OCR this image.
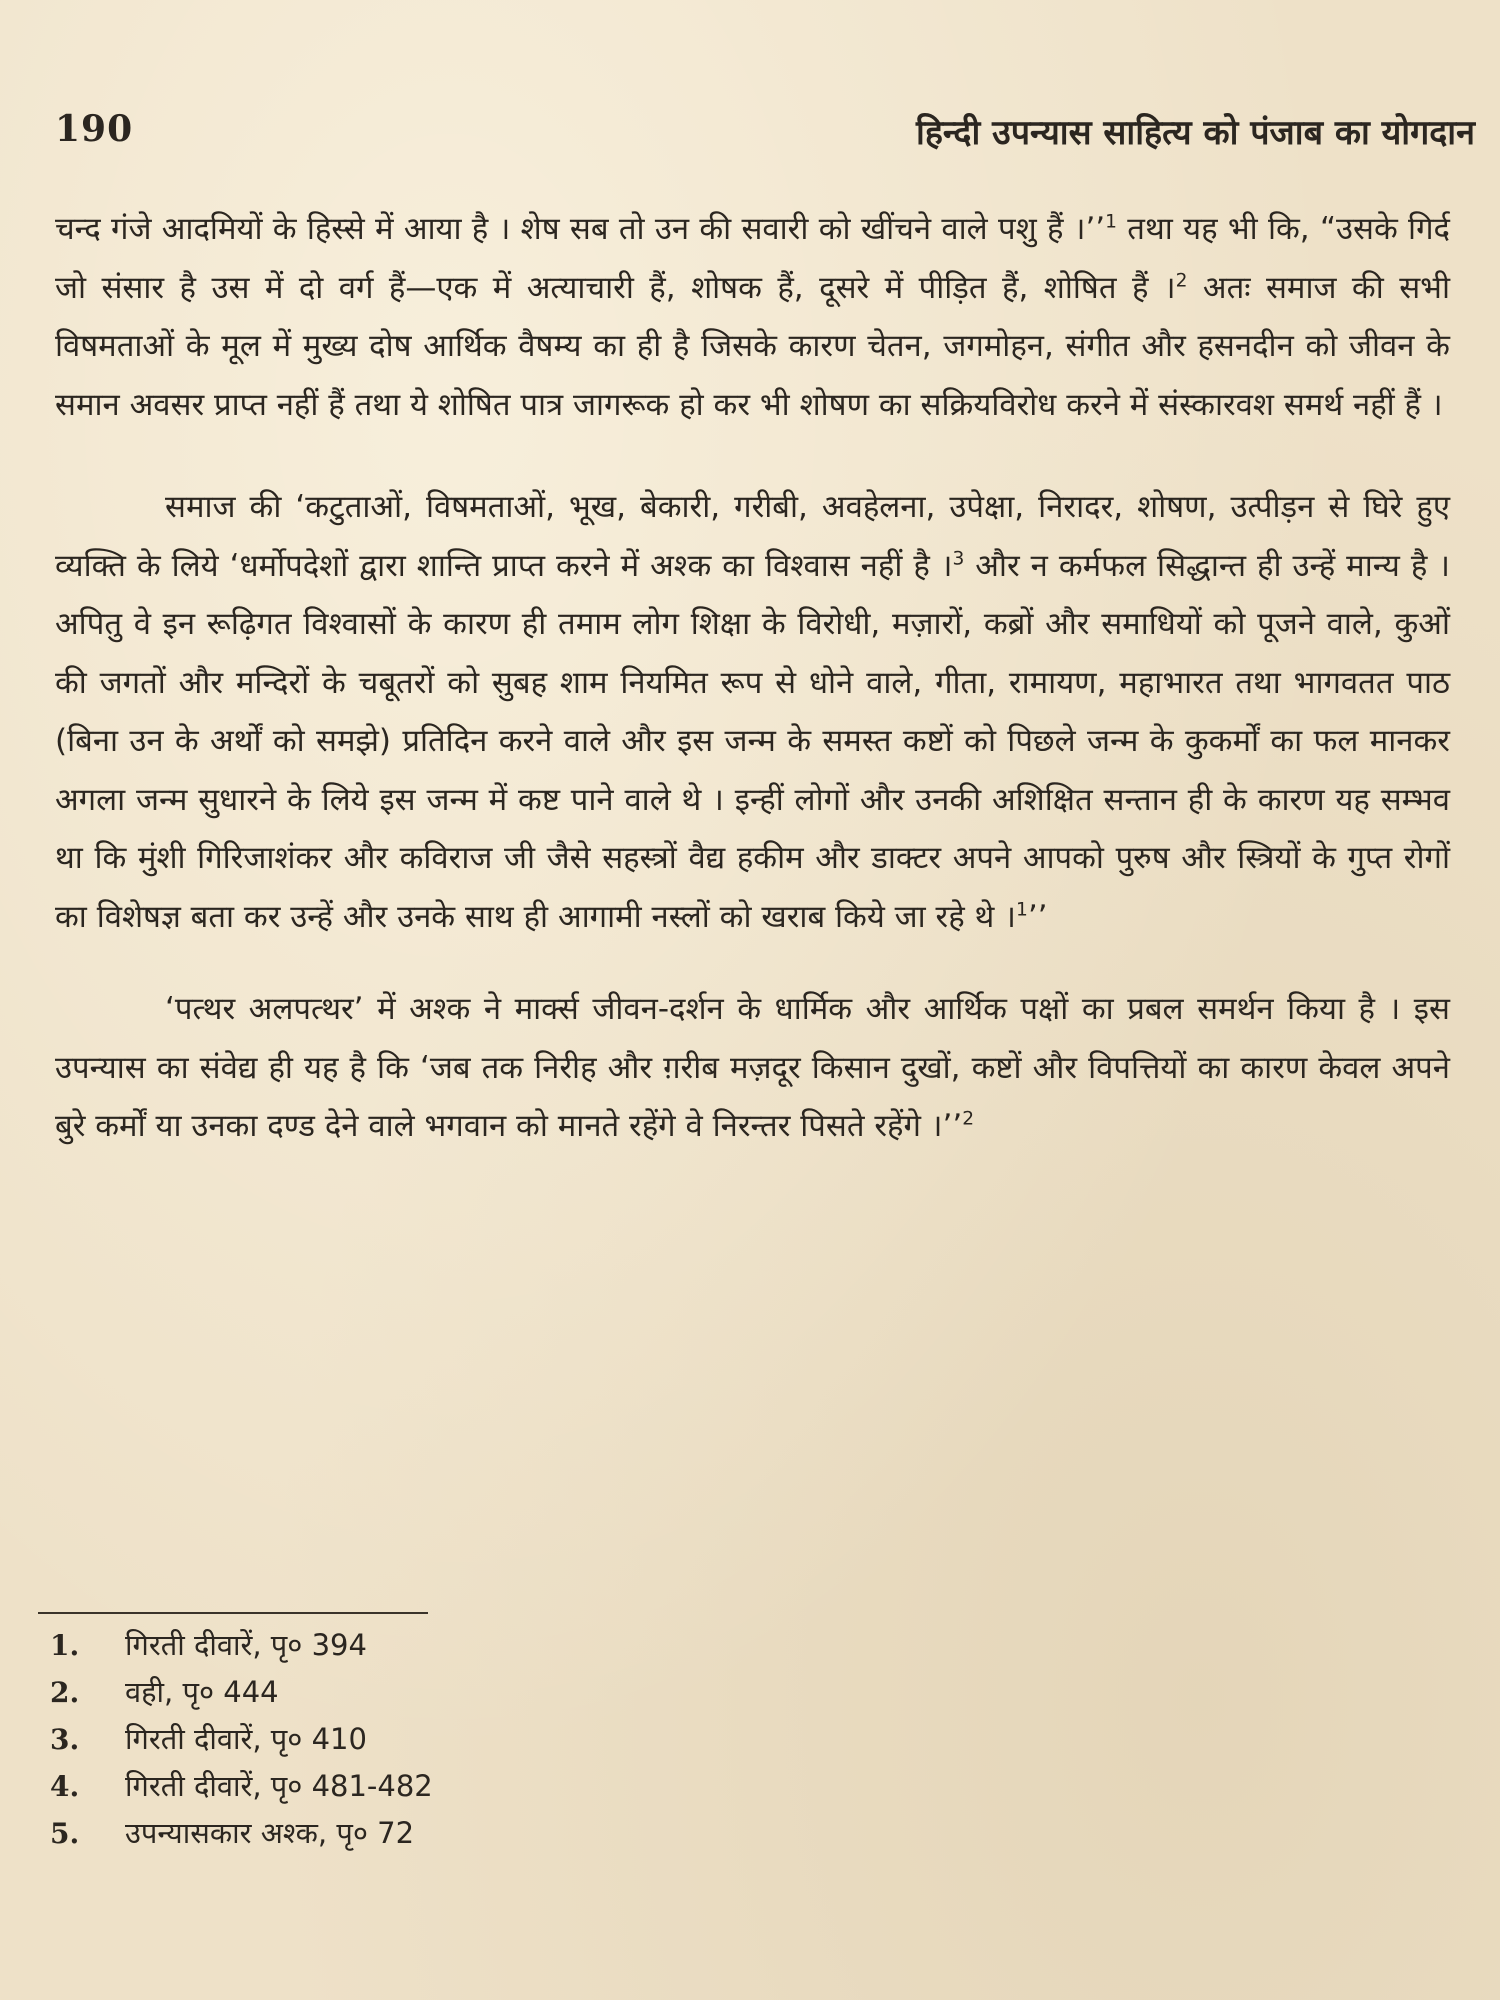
190	हिन्दी उपन्यास साहित्य को पंजाब का योगदान

चन्द गंजे आदमियों के हिस्से में आया है । शेष सब तो उन की सवारी को खींचने वाले पशु हैं ।’’$^1$ तथा यह भी कि, “उसके गिर्द जो संसार है उस में दो वर्ग हैं—एक में अत्याचारी हैं, शोषक हैं, दूसरे में पीड़ित हैं, शोषित हैं ।$^2$ अतः समाज की सभी विषमताओं के मूल में मुख्य दोष आर्थिक वैषम्य का ही है जिसके कारण चेतन, जगमोहन, संगीत और हसनदीन को जीवन के समान अवसर प्राप्त नहीं हैं तथा ये शोषित पात्र जागरूक हो कर भी शोषण का सक्रियविरोध करने में संस्कारवश समर्थ नहीं हैं ।

समाज की ‘कटुताओं, विषमताओं, भूख, बेकारी, गरीबी, अवहेलना, उपेक्षा, निरादर, शोषण, उत्पीड़न से घिरे हुए व्यक्ति के लिये ‘धर्मोपदेशों द्वारा शान्ति प्राप्त करने में अश्क का विश्वास नहीं है ।$^3$ और न कर्मफल सिद्धान्त ही उन्हें मान्य है । अपितु वे इन रूढ़िगत विश्वासों के कारण ही तमाम लोग शिक्षा के विरोधी, मज़ारों, कब्रों और समाधियों को पूजने वाले, कुओं की जगतों और मन्दिरों के चबूतरों को सुबह शाम नियमित रूप से धोने वाले, गीता, रामायण, महाभारत तथा भागवतत पाठ (बिना उन के अर्थों को समझे) प्रतिदिन करने वाले और इस जन्म के समस्त कष्टों को पिछले जन्म के कुकर्मों का फल मानकर अगला जन्म सुधारने के लिये इस जन्म में कष्ट पाने वाले थे । इन्हीं लोगों और उनकी अशिक्षित सन्तान ही के कारण यह सम्भव था कि मुंशी गिरिजाशंकर और कविराज जी जैसे सहस्त्रों वैद्य हकीम और डाक्टर अपने आपको पुरुष और स्त्रियों के गुप्त रोगों का विशेषज्ञ बता कर उन्हें और उनके साथ ही आगामी नस्लों को खराब किये जा रहे थे ।$^1$’’

‘पत्थर अलपत्थर’ में अश्क ने मार्क्स जीवन-दर्शन के धार्मिक और आर्थिक पक्षों का प्रबल समर्थन किया है । इस उपन्यास का संवेद्य ही यह है कि ‘जब तक निरीह और ग़रीब मज़दूर किसान दुखों, कष्टों और विपत्तियों का कारण केवल अपने बुरे कर्मों या उनका दण्ड देने वाले भगवान को मानते रहेंगे वे निरन्तर पिसते रहेंगे ।’’$^2$

1.	गिरती दीवारें, पृ० 394
2.	वही, पृ० 444
3.	गिरती दीवारें, पृ० 410
4.	गिरती दीवारें, पृ० 481-482
5.	उपन्यासकार अश्क, पृ० 72
